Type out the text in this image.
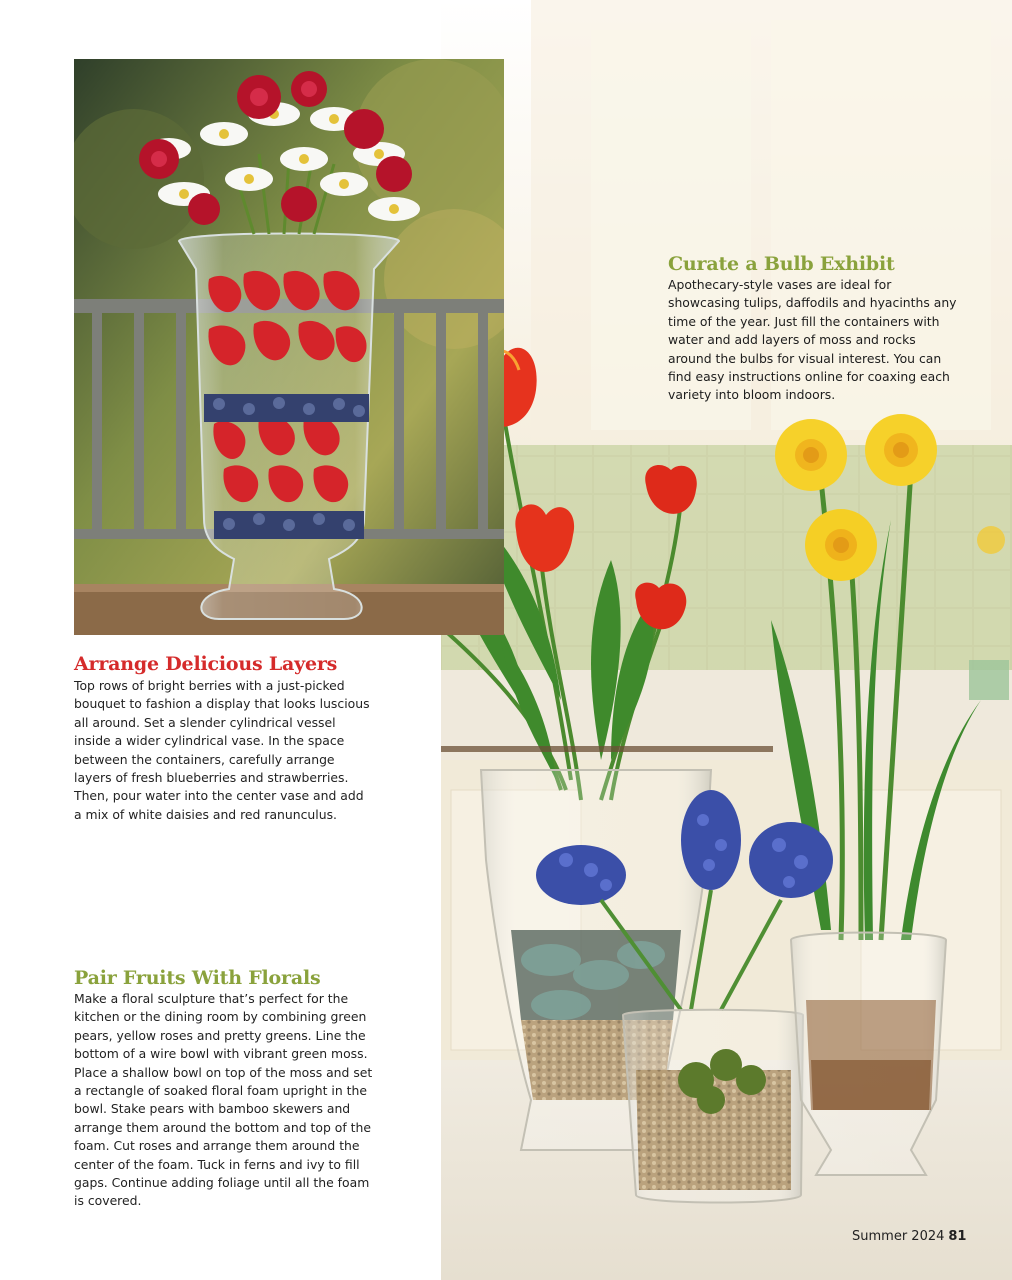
Arrange Delicious Layers

Top rows of bright berries with a just-picked bouquet to fashion a display that looks luscious all around. Set a slender cylindrical vessel inside a wider cylindrical vase. In the space between the containers, carefully arrange layers of fresh blueberries and strawberries. Then, pour water into the center vase and add a mix of white daisies and red ranunculus.

Pair Fruits With Florals

Make a floral sculpture that’s perfect for the kitchen or the dining room by combining green pears, yellow roses and pretty greens. Line the bottom of a wire bowl with vibrant green moss. Place a shallow bowl on top of the moss and set a rectangle of soaked floral foam upright in the bowl. Stake pears with bamboo skewers and arrange them around the bottom and top of the foam. Cut roses and arrange them around the center of the foam. Tuck in ferns and ivy to fill gaps. Continue adding foliage until all the foam is covered.

Curate a Bulb Exhibit

Apothecary-style vases are ideal for showcasing tulips, daffodils and hyacinths any time of the year. Just fill the containers with water and add layers of moss and rocks around the bulbs for visual interest. You can find easy instructions online for coaxing each variety into bloom indoors.

Summer 2024 81
